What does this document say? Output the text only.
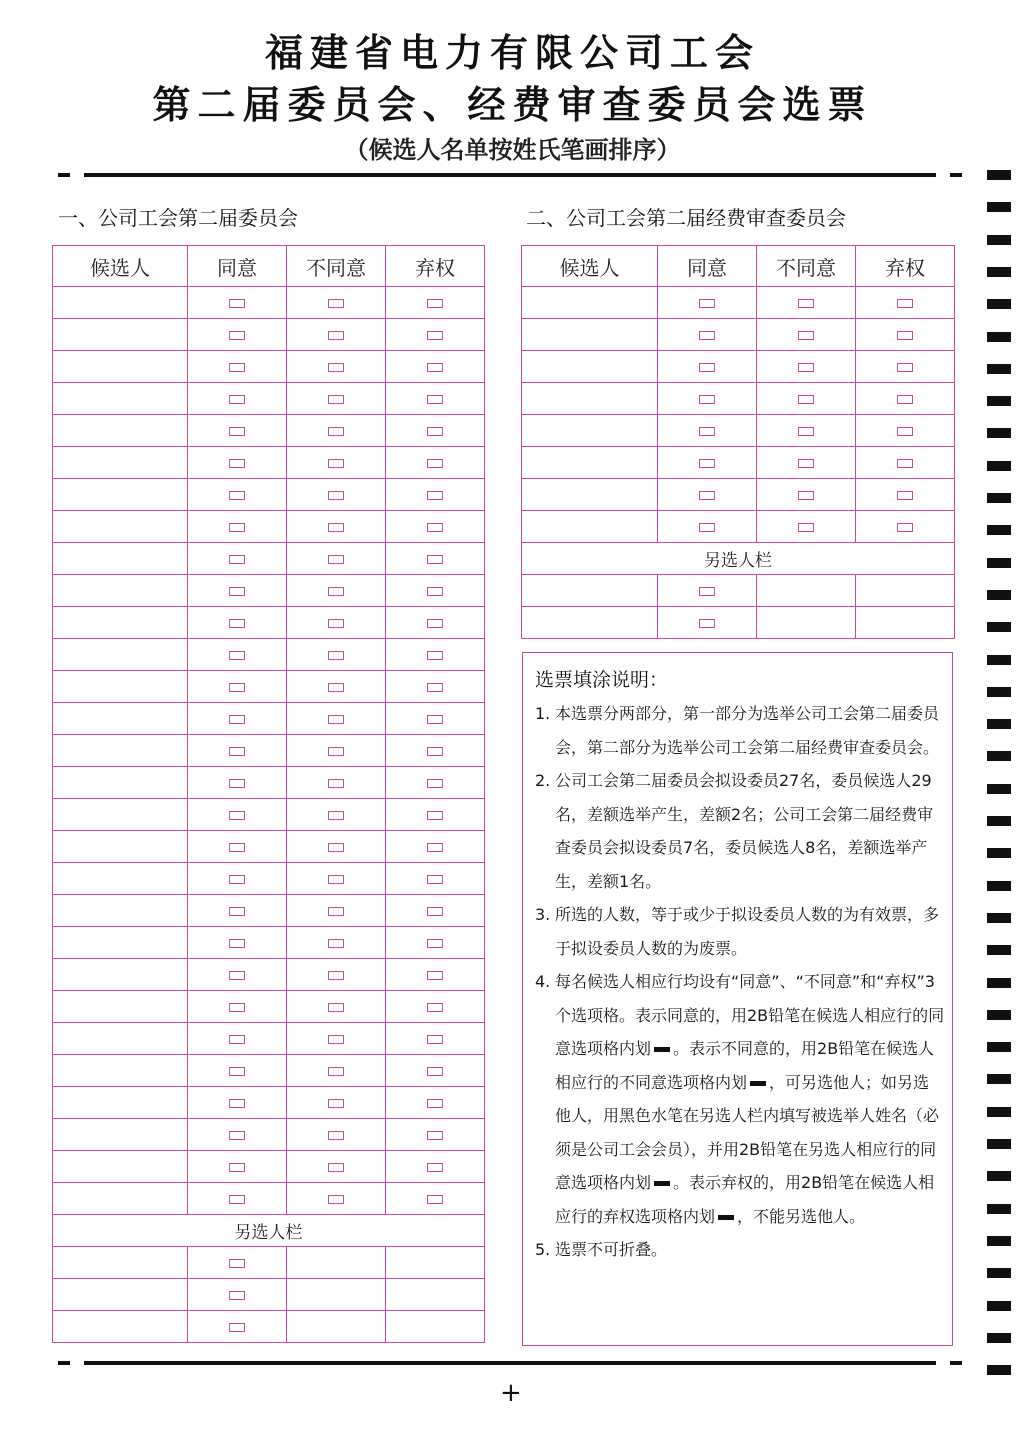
福建省电力有限公司工会
第二届委员会、经费审查委员会选票
（候选人名单按姓氏笔画排序）
一、公司工会第二届委员会	二、公司工会第二届经费审查委员会
候选人	同意	不同意	弃权

另选人栏			

候选人	同意	不同意	弃权

另选人栏			

选票填涂说明：
1. 本选票分两部分，第一部分为选举公司工会第二届委员会，第二部分为选举公司工会第二届经费审查委员会。
2. 公司工会第二届委员会拟设委员27名，委员候选人29名，差额选举产生，差额2名；公司工会第二届经费审查委员会拟设委员7名，委员候选人8名，差额选举产生，差额1名。
3. 所选的人数，等于或少于拟设委员人数的为有效票，多于拟设委员人数的为废票。
4. 每名候选人相应行均设有“同意”、“不同意”和“弃权”3个选项格。表示同意的，用2B铅笔在候选人相应行的同意选项格内划 。表示不同意的，用2B铅笔在候选人相应行的不同意选项格内划 ，可另选他人；如另选他人，用黑色水笔在另选人栏内填写被选举人姓名（必须是公司工会会员），并用2B铅笔在另选人相应行的同意选项格内划 。表示弃权的，用2B铅笔在候选人相应行的弃权选项格内划 ，不能另选他人。
5. 选票不可折叠。
+
